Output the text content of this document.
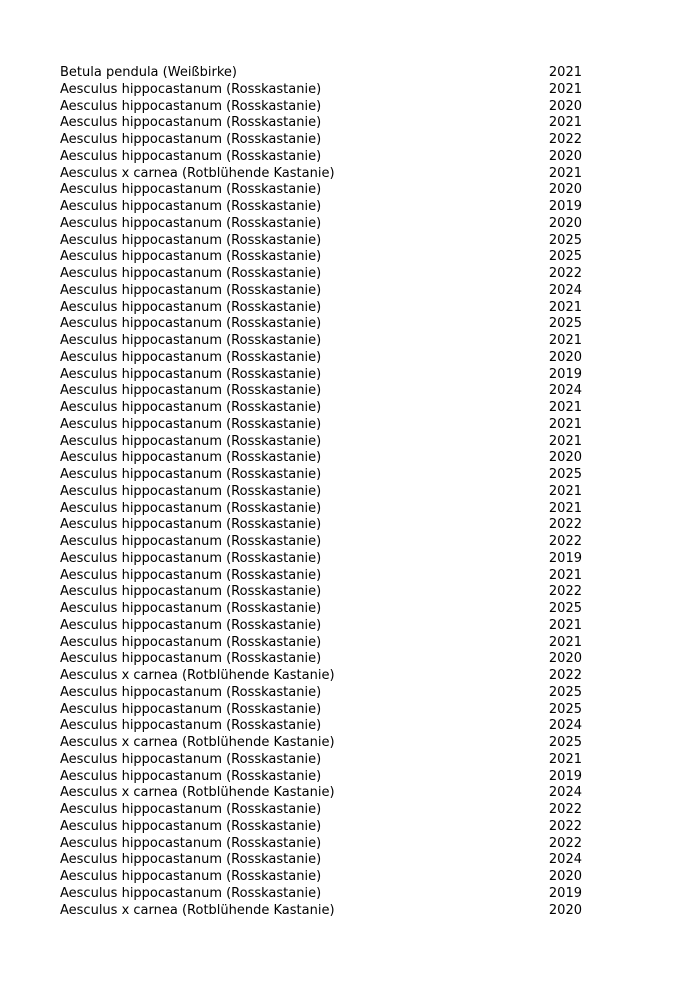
Betula pendula (Weißbirke)	2021
Aesculus hippocastanum (Rosskastanie)	2021
Aesculus hippocastanum (Rosskastanie)	2020
Aesculus hippocastanum (Rosskastanie)	2021
Aesculus hippocastanum (Rosskastanie)	2022
Aesculus hippocastanum (Rosskastanie)	2020
Aesculus x carnea (Rotblühende Kastanie)	2021
Aesculus hippocastanum (Rosskastanie)	2020
Aesculus hippocastanum (Rosskastanie)	2019
Aesculus hippocastanum (Rosskastanie)	2020
Aesculus hippocastanum (Rosskastanie)	2025
Aesculus hippocastanum (Rosskastanie)	2025
Aesculus hippocastanum (Rosskastanie)	2022
Aesculus hippocastanum (Rosskastanie)	2024
Aesculus hippocastanum (Rosskastanie)	2021
Aesculus hippocastanum (Rosskastanie)	2025
Aesculus hippocastanum (Rosskastanie)	2021
Aesculus hippocastanum (Rosskastanie)	2020
Aesculus hippocastanum (Rosskastanie)	2019
Aesculus hippocastanum (Rosskastanie)	2024
Aesculus hippocastanum (Rosskastanie)	2021
Aesculus hippocastanum (Rosskastanie)	2021
Aesculus hippocastanum (Rosskastanie)	2021
Aesculus hippocastanum (Rosskastanie)	2020
Aesculus hippocastanum (Rosskastanie)	2025
Aesculus hippocastanum (Rosskastanie)	2021
Aesculus hippocastanum (Rosskastanie)	2021
Aesculus hippocastanum (Rosskastanie)	2022
Aesculus hippocastanum (Rosskastanie)	2022
Aesculus hippocastanum (Rosskastanie)	2019
Aesculus hippocastanum (Rosskastanie)	2021
Aesculus hippocastanum (Rosskastanie)	2022
Aesculus hippocastanum (Rosskastanie)	2025
Aesculus hippocastanum (Rosskastanie)	2021
Aesculus hippocastanum (Rosskastanie)	2021
Aesculus hippocastanum (Rosskastanie)	2020
Aesculus x carnea (Rotblühende Kastanie)	2022
Aesculus hippocastanum (Rosskastanie)	2025
Aesculus hippocastanum (Rosskastanie)	2025
Aesculus hippocastanum (Rosskastanie)	2024
Aesculus x carnea (Rotblühende Kastanie)	2025
Aesculus hippocastanum (Rosskastanie)	2021
Aesculus hippocastanum (Rosskastanie)	2019
Aesculus x carnea (Rotblühende Kastanie)	2024
Aesculus hippocastanum (Rosskastanie)	2022
Aesculus hippocastanum (Rosskastanie)	2022
Aesculus hippocastanum (Rosskastanie)	2022
Aesculus hippocastanum (Rosskastanie)	2024
Aesculus hippocastanum (Rosskastanie)	2020
Aesculus hippocastanum (Rosskastanie)	2019
Aesculus x carnea (Rotblühende Kastanie)	2020
